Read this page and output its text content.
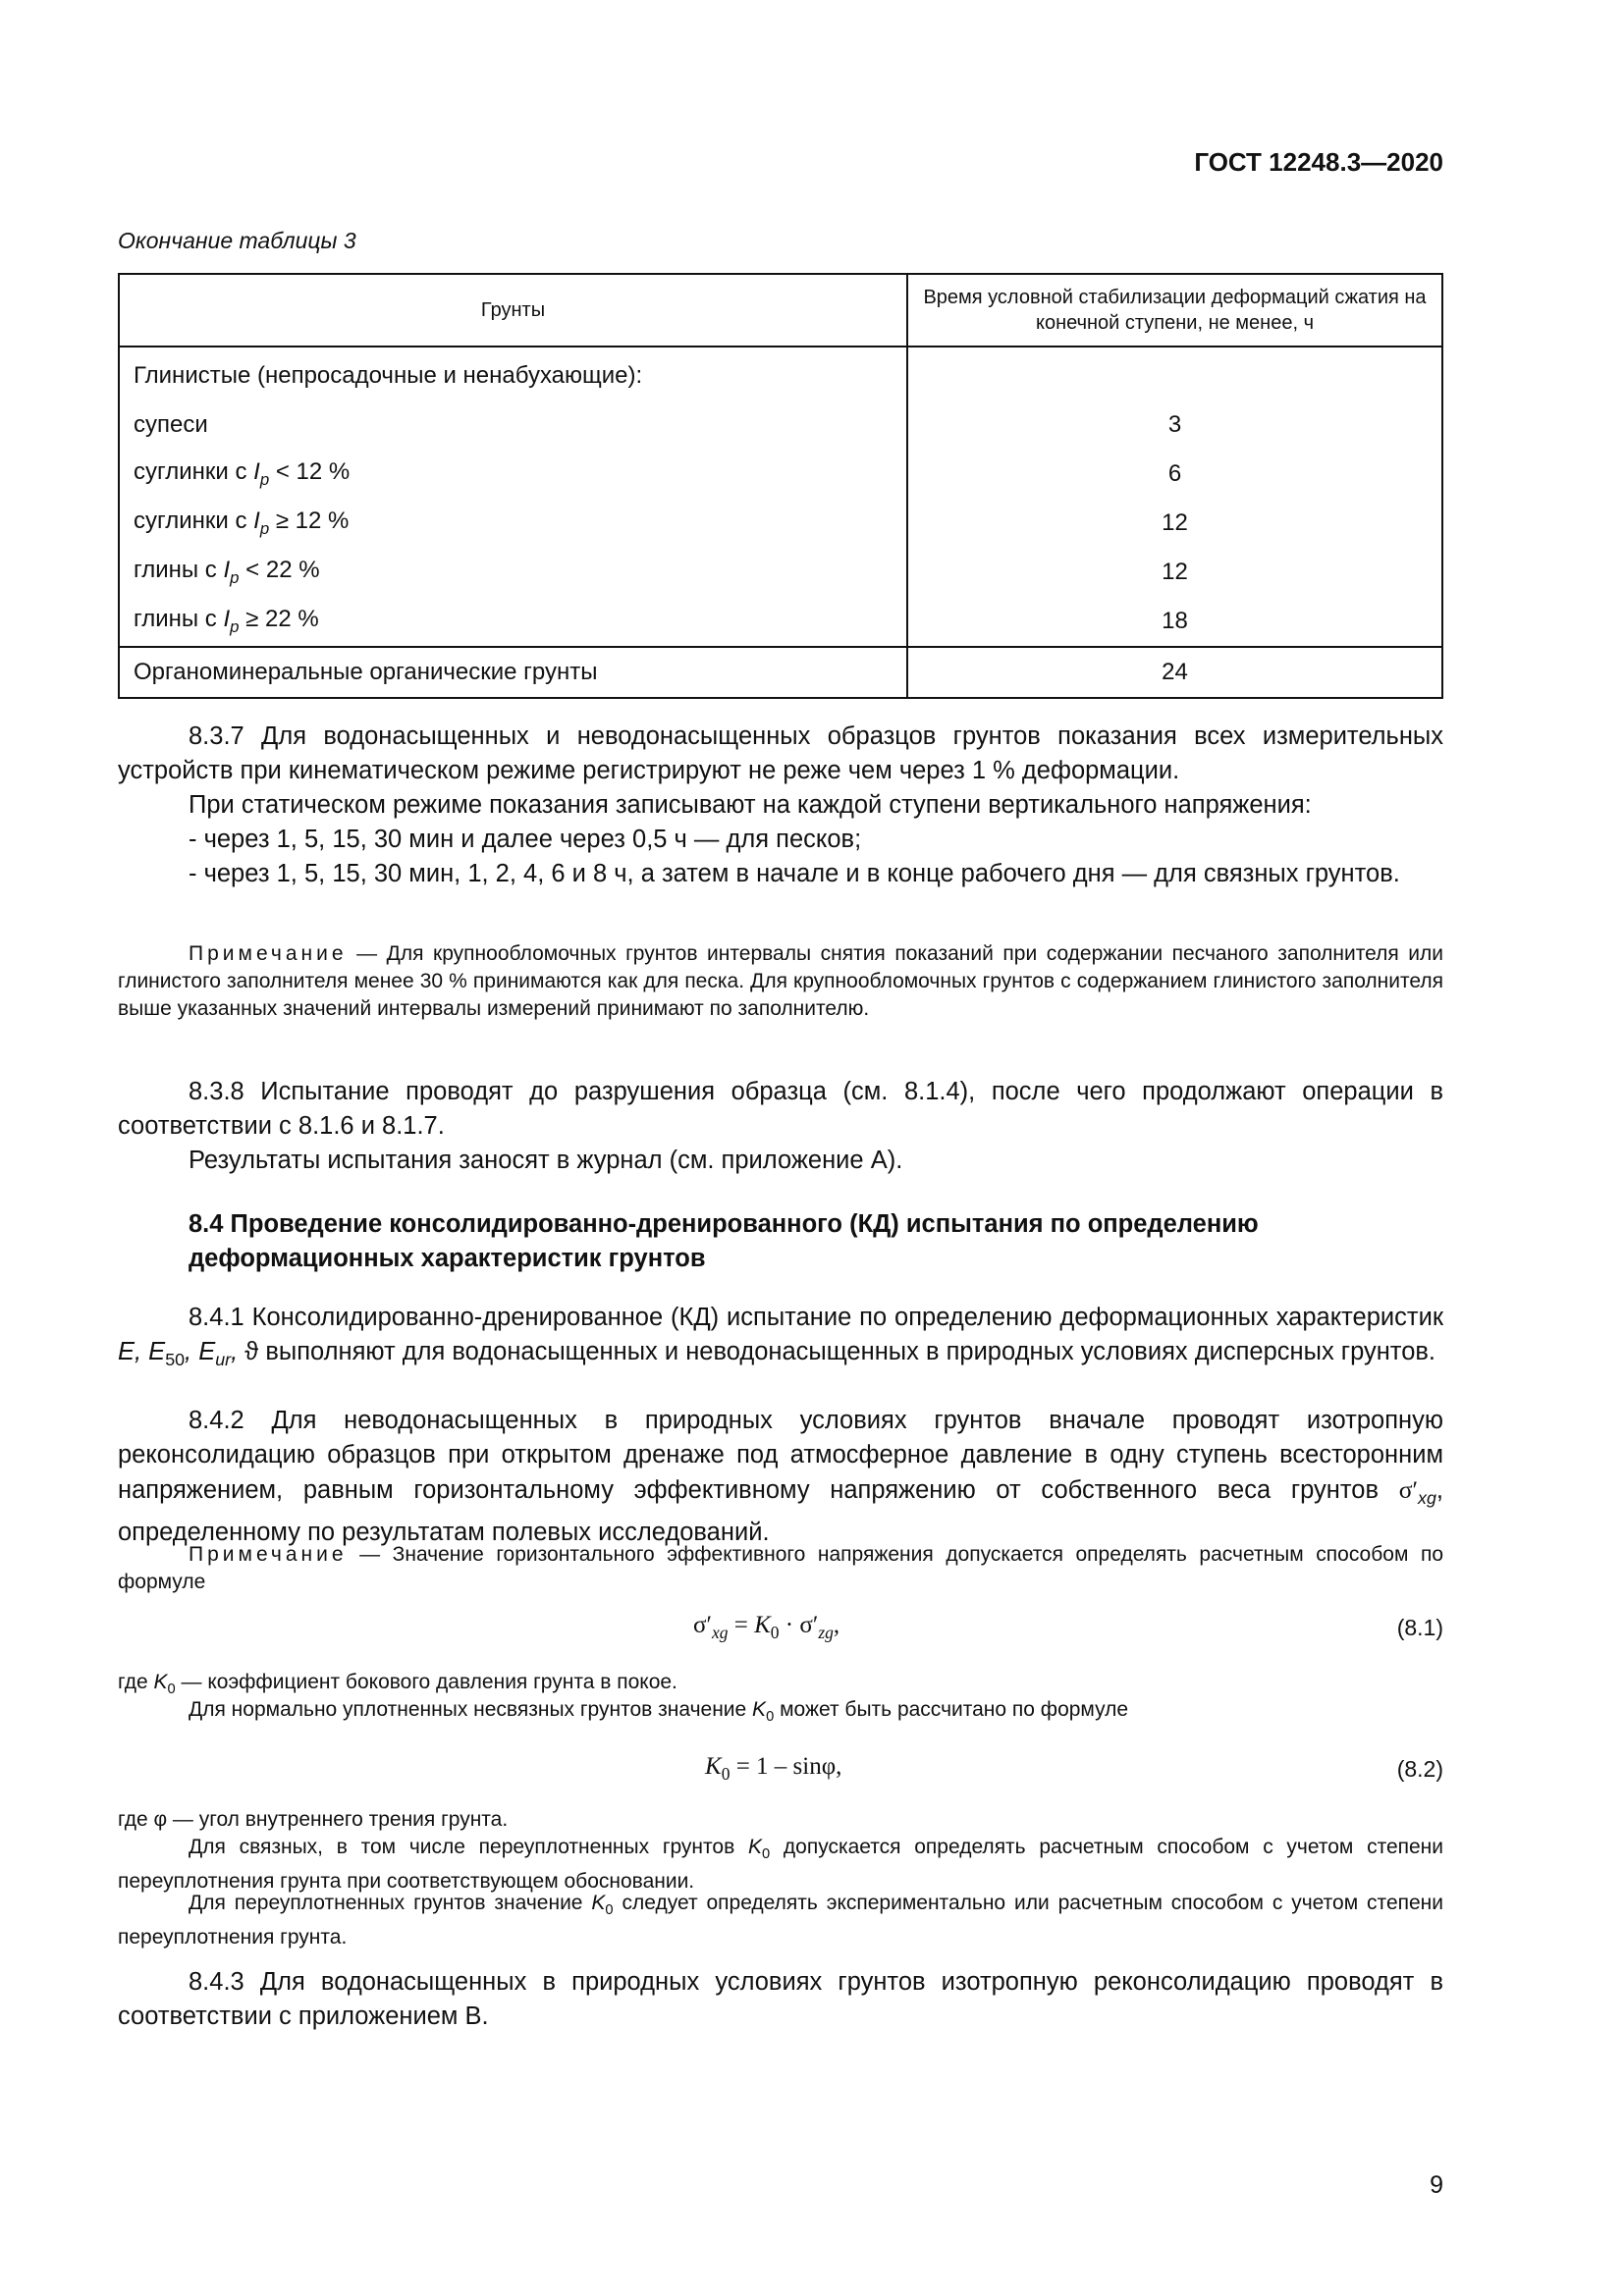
ГОСТ 12248.3—2020
Окончание таблицы 3
Грунты	Время условной стабилизации деформаций сжатия на конечной ступени, не менее, ч
Глинистые (непросадочные и ненабухающие):	
супеси	3
суглинки с $I_p < 12$ %	6
суглинки с $I_p \ge 12$ %	12
глины с $I_p < 22$ %	12
глины с $I_p \ge 22$ %	18
Органоминеральные органические грунты	24

8.3.7 Для водонасыщенных и неводонасыщенных образцов грунтов показания всех измерительных устройств при кинематическом режиме регистрируют не реже чем через 1 % деформации.

При статическом режиме показания записывают на каждой ступени вертикального напряжения:

- через 1, 5, 15, 30 мин и далее через 0,5 ч — для песков;

- через 1, 5, 15, 30 мин, 1, 2, 4, 6 и 8 ч, а затем в начале и в конце рабочего дня — для связных грунтов.

Примечание — Для крупнообломочных грунтов интервалы снятия показаний при содержании песчаного заполнителя или глинистого заполнителя менее 30 % принимаются как для песка. Для крупнообломочных грунтов с содержанием глинистого заполнителя выше указанных значений интервалы измерений принимают по заполнителю.

8.3.8 Испытание проводят до разрушения образца (см. 8.1.4), после чего продолжают операции в соответствии с 8.1.6 и 8.1.7.

Результаты испытания заносят в журнал (см. приложение А).

8.4 Проведение консолидированно-дренированного (КД) испытания по определению деформационных характеристик грунтов

8.4.1 Консолидированно-дренированное (КД) испытание по определению деформационных характеристик E, $E_{50}$, $E_{ur}$, ϑ выполняют для водонасыщенных и неводонасыщенных в природных условиях дисперсных грунтов.

8.4.2 Для неводонасыщенных в природных условиях грунтов вначале проводят изотропную реконсолидацию образцов при открытом дренаже под атмосферное давление в одну ступень всесторонним напряжением, равным горизонтальному эффективному напряжению от собственного веса грунтов $\sigma'_{xg}$, определенному по результатам полевых исследований.

Примечание — Значение горизонтального эффективного напряжения допускается определять расчетным способом по формуле

$\sigma'_{xg} = K_0 \cdot \sigma'_{zg}$,	(8.1)

где $K_0$ — коэффициент бокового давления грунта в покое.

Для нормально уплотненных несвязных грунтов значение $K_0$ может быть рассчитано по формуле

$K_0 = 1 - \sin\varphi$,	(8.2)

где φ — угол внутреннего трения грунта.

Для связных, в том числе переуплотненных грунтов $K_0$ допускается определять расчетным способом с учетом степени переуплотнения грунта при соответствующем обосновании.

Для переуплотненных грунтов значение $K_0$ следует определять экспериментально или расчетным способом с учетом степени переуплотнения грунта.

8.4.3 Для водонасыщенных в природных условиях грунтов изотропную реконсолидацию проводят в соответствии с приложением В.

9
